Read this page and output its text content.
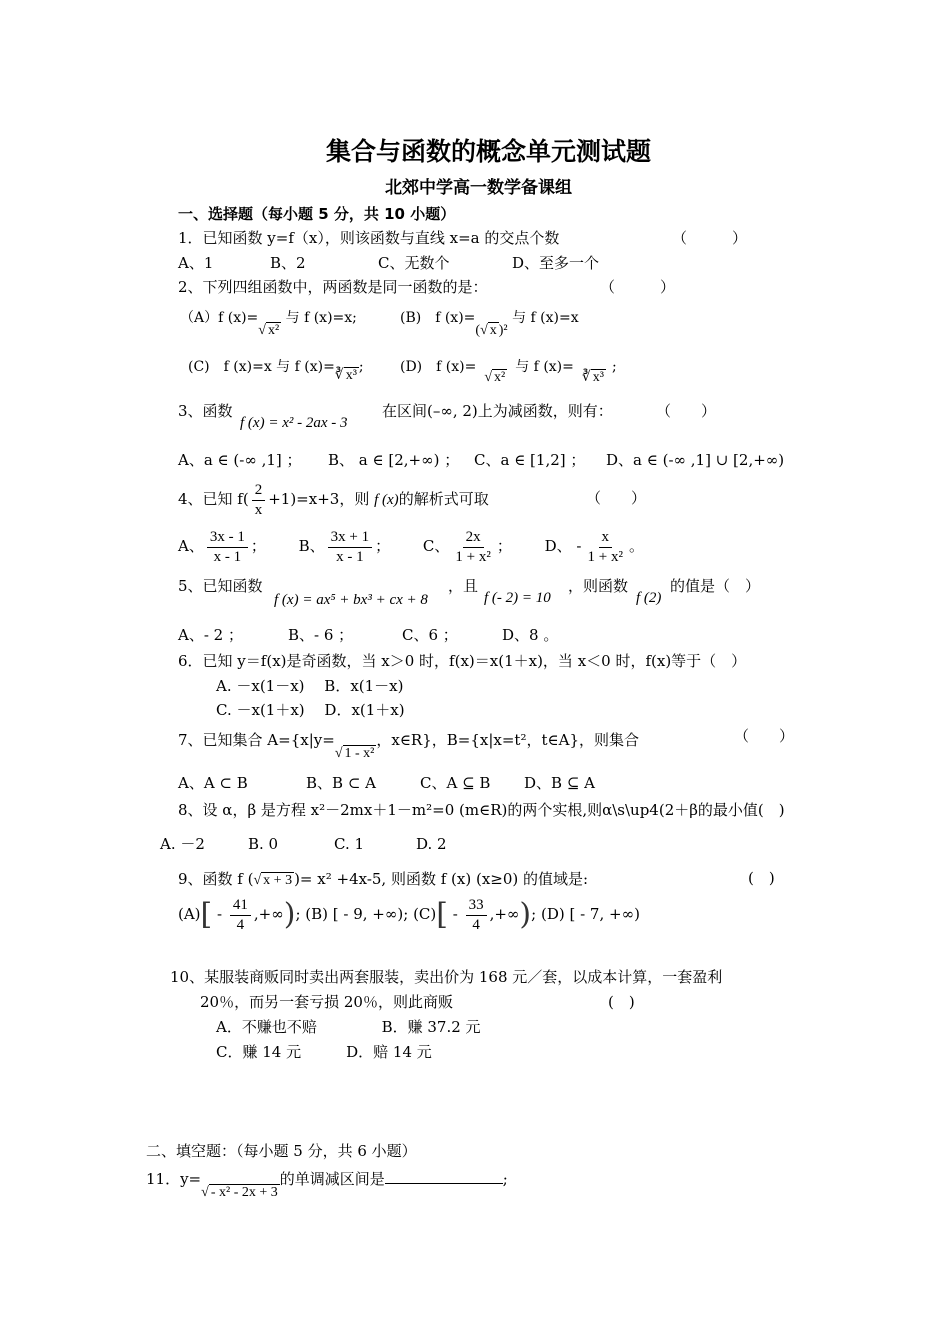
集合与函数的概念单元测试题
北郊中学高一数学备课组
一、选择题（每小题 5 分，共 10 小题）
1．已知函数 y=f（x），则该函数与直线 x=a 的交点个数	（　　　）
A、1	B、2	C、无数个	D、至多一个
2、下列四组函数中，两函数是同一函数的是：	（　　　）
（A）f (x)=√ x² 与 f (x)=x;	(B)　f (x)=(√ x )² 与 f (x)=x
(C)　f (x)=x 与 f (x)=∛ x³;	(D)　f (x)=√ x²与 f (x)=∛ x³;
3、函数
f (x) = x² - 2ax - 3
在区间(–∞, 2)上为减函数，则有：	（　　）
A、a ∈ (-∞ ,1] ； B、 a ∈ [2,+∞) ； C、a ∈ [1,2] ； D、a ∈ (-∞ ,1] ∪ [2,+∞)
4、已知 $f( \frac{2}{x} +1)=x+3$，则 f (x)的解析式可取	（　　）
A、 $\frac{3x - 1}{x - 1}$ ； B、 $\frac{3x + 1}{x - 1}$ ； C、 $\frac{2x}{\text{1 + x²}}$ ； D、 - $\frac{x}{\text{1 + x²}}$ 。
5、已知函数
f (x) = ax⁵ + bx³ + cx + 8
，且
f (- 2) = 10
，则函数
f (2)
的值是（　）
A、- 2 ；	B、- 6 ；	C、6 ；	D、8 。
6．已知 y＝f(x)是奇函数，当 x＞0 时，f(x)＝x(1＋x)，当 x＜0 时，f(x)等于（　）
A. －x(1－x)　 B．x(1－x)
C. －x(1＋x)　 D．x(1＋x)
7、已知集合 A={x|y=√ 1 - x²，x∈R}，B={x|x=t²，t∈A}，则集合	（　　）
A、A ⊂ B	B、B ⊂ A	C、A ⊆ B D、B ⊆ A
8、设 α，β 是方程 x²－2mx＋1－m²=0 (m∈R)的两个实根,则α\s\up4(2＋β的最小值(　)
A. －2	B. 0	C. 1	D. 2
9、函数 f (√ x + 3 )= x² +4x-5, 则函数 f (x) (x≥0) 的值域是:	(　)
$(A)[ - \frac{41}{4}$ ,+∞); (B) [ - 9, +∞); $(C)[ - \frac{33}{4}$ ,+∞); (D) [ - 7, +∞)
10、某服装商贩同时卖出两套服装，卖出价为 168 元／套，以成本计算，一套盈利
20％，而另一套亏损 20％，则此商贩	(　)
A．不赚也不赔　　　　 B．赚 37.2 元
C．赚 14 元　　　D．赔 14 元
二、填空题：（每小题 5 分，共 6 小题）
11．y=√ - x² - 2x + 3的单调减区间是	;
